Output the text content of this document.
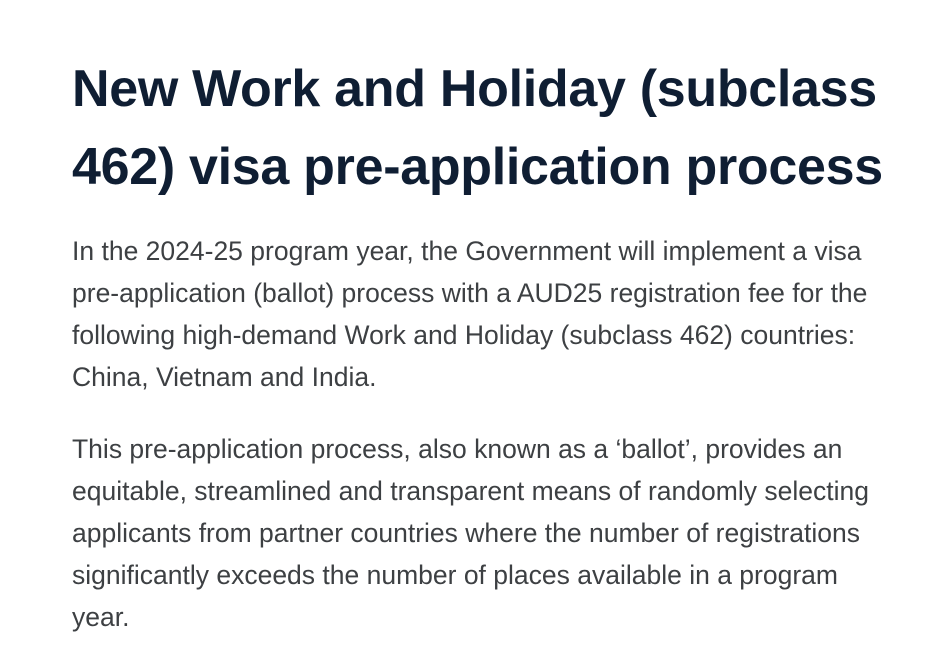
New Work and Holiday (subclass 462) visa pre-application process

In the 2024-25 program year, the Government will implement a visa pre-application (ballot) process with a AUD25 registration fee for the following high-demand Work and Holiday (subclass 462) countries: China, Vietnam and India.

This pre-application process, also known as a ‘ballot’, provides an equitable, streamlined and transparent means of randomly selecting applicants from partner countries where the number of registrations significantly exceeds the number of places available in a program year.
